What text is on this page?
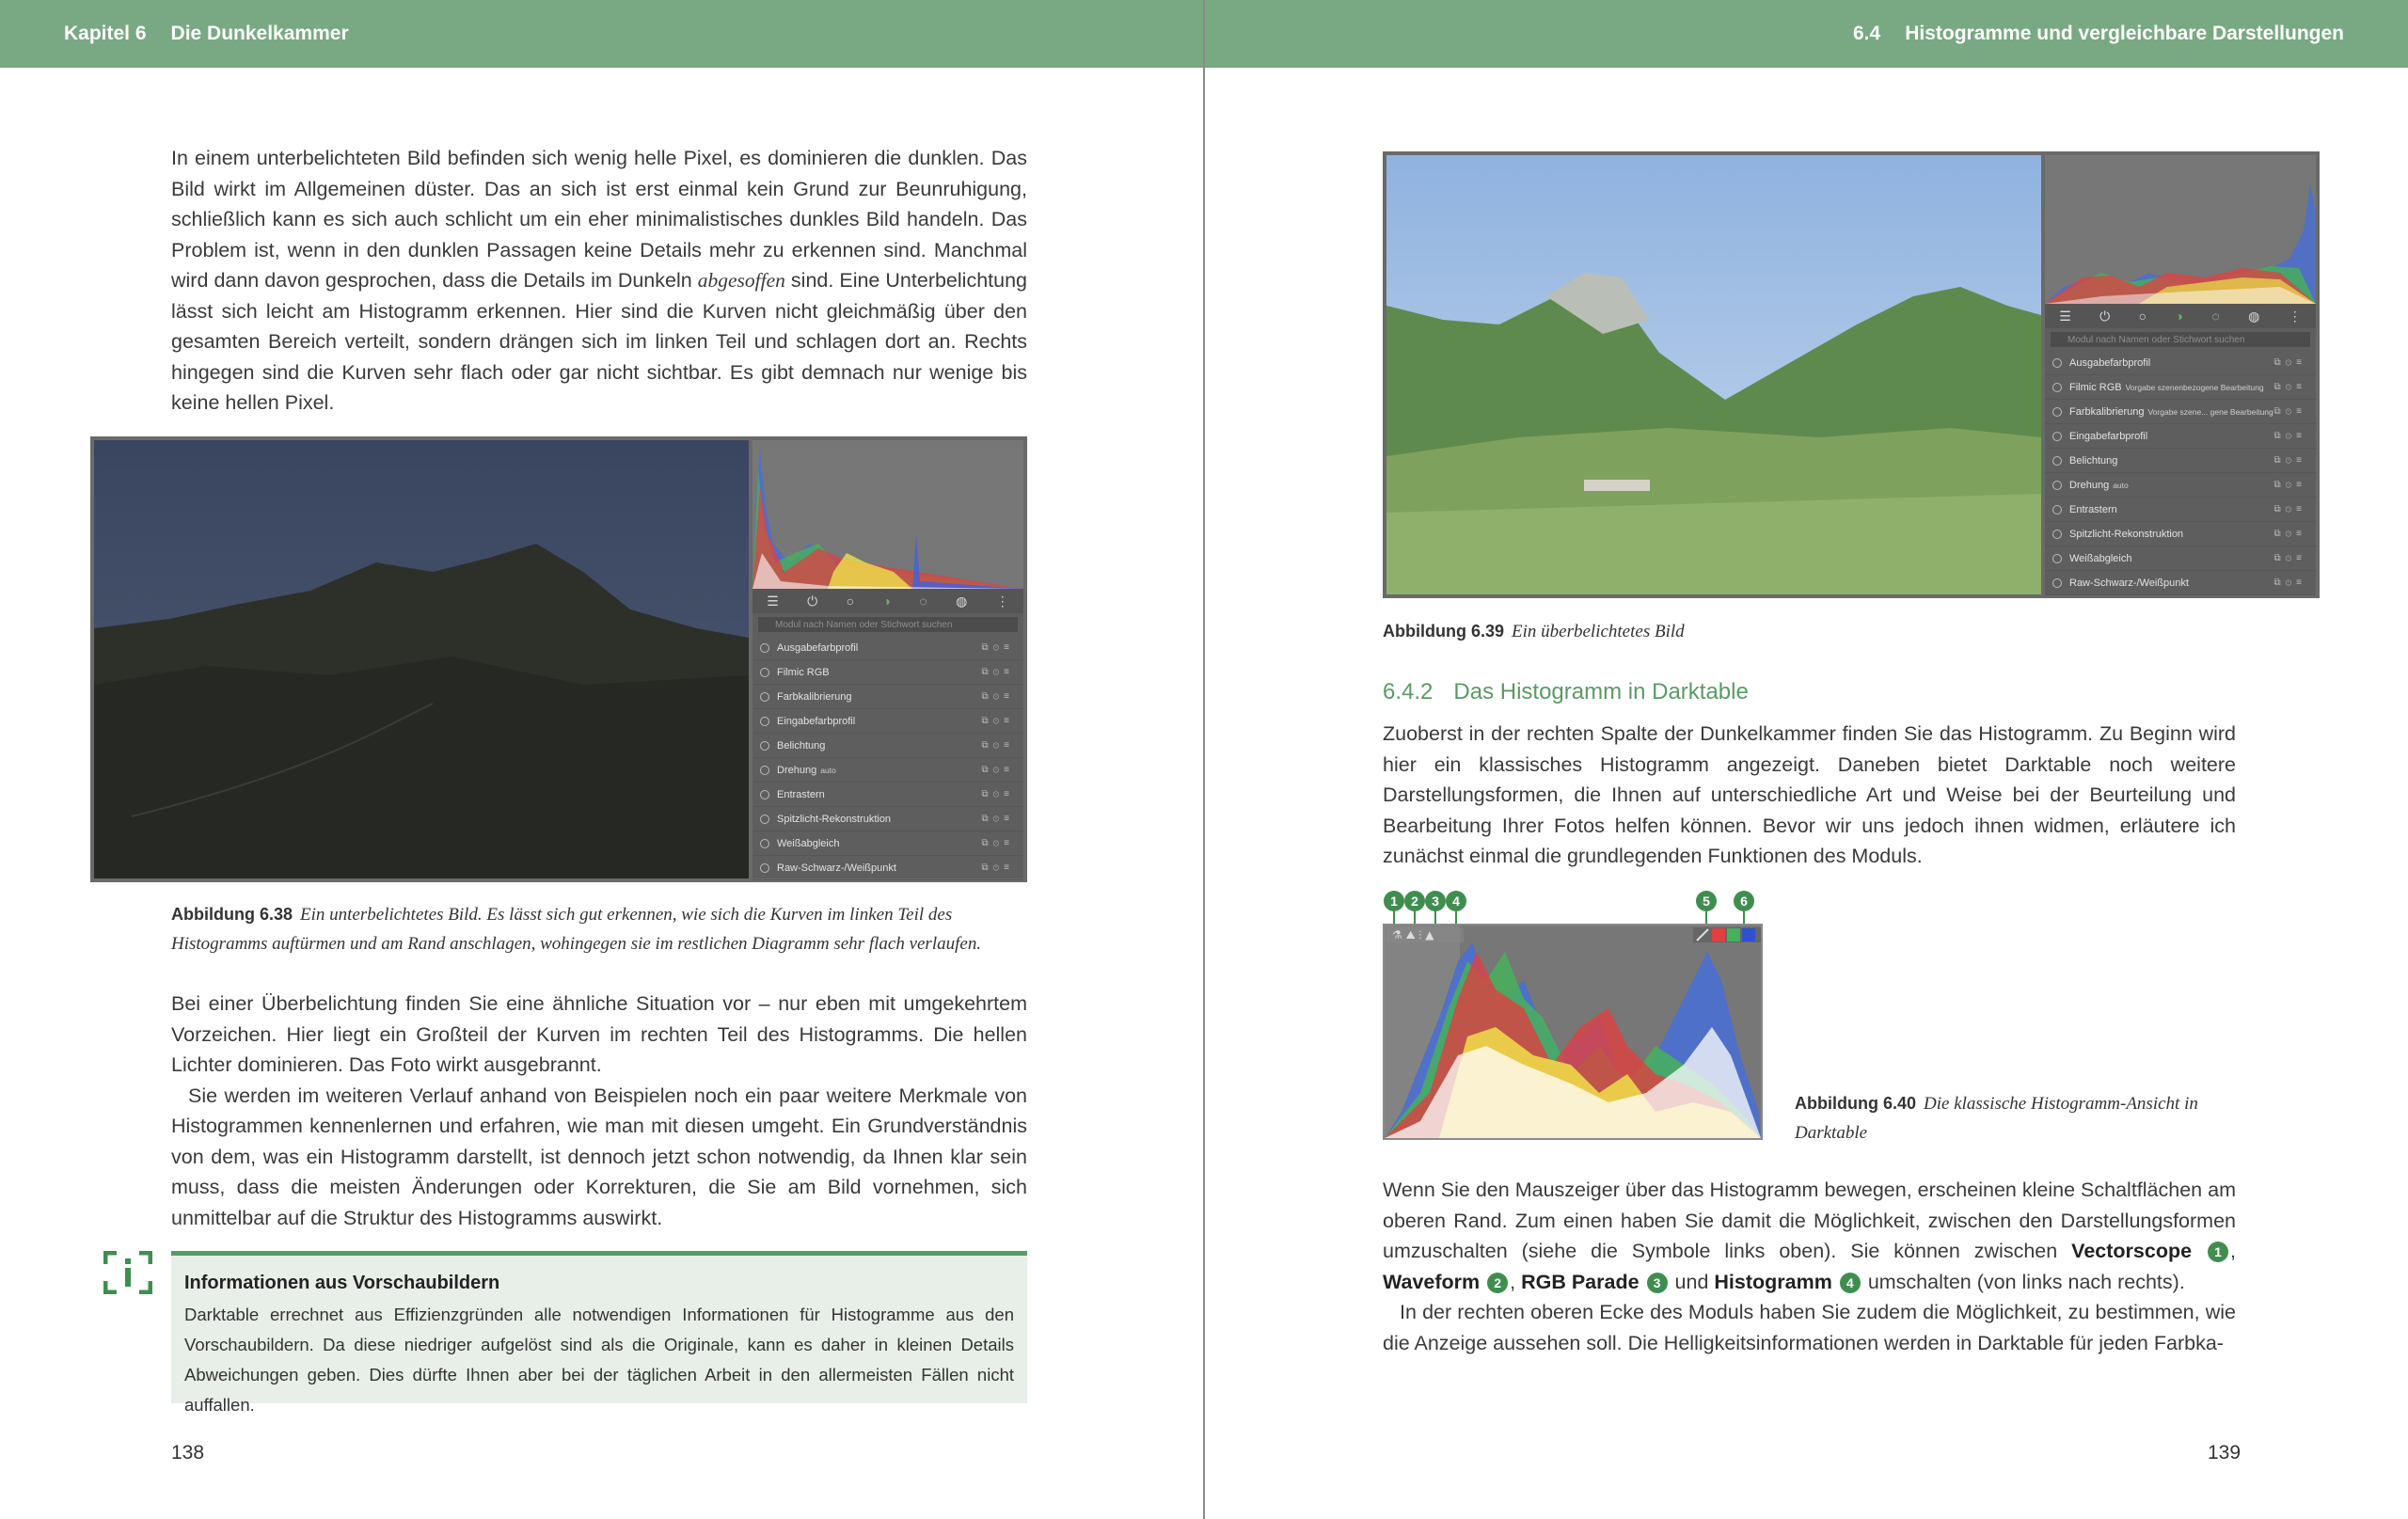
Kapitel 6 Die Dunkelkammer	6.4 Histogramme und vergleichbare Darstellungen

In einem unterbelichteten Bild befinden sich wenig helle Pixel, es dominieren die dunklen. Das Bild wirkt im Allgemeinen düster. Das an sich ist erst einmal kein Grund zur Beunruhigung, schließlich kann es sich auch schlicht um ein eher minimalistisches dunkles Bild handeln. Das Problem ist, wenn in den dunklen Passagen keine Details mehr zu erkennen sind. Manchmal wird dann davon gesprochen, dass die Details im Dunkeln abgesoffen sind. Eine Unterbelichtung lässt sich leicht am Histogramm erkennen. Hier sind die Kurven nicht gleichmäßig über den gesamten Bereich verteilt, sondern drängen sich im linken Teil und schlagen dort an. Rechts hingegen sind die Kurven sehr flach oder gar nicht sichtbar. Es gibt demnach nur wenige bis keine hellen Pixel.

☰ ⏻ ○ ◑ ◌ ◍ ⋮
Modul nach Namen oder Stichwort suchen
Ausgabefarbprofil	⧉⊙≡
Filmic RGB	⧉⊙≡
Farbkalibrierung	⧉⊙≡
Eingabefarbprofil	⧉⊙≡
Belichtung	⧉⊙≡
Drehung auto	⧉⊙≡
Entrastern	⧉⊙≡
Spitzlicht-Rekonstruktion	⧉⊙≡
Weißabgleich	⧉⊙≡
Raw-Schwarz-/Weißpunkt	⧉⊙≡
Abbildung 6.38 Ein unterbelichtetes Bild. Es lässt sich gut erkennen, wie sich die Kurven im linken Teil des Histogramms auftürmen und am Rand anschlagen, wohingegen sie im restlichen Diagramm sehr flach verlaufen.

Bei einer Überbelichtung finden Sie eine ähnliche Situation vor – nur eben mit umgekehrtem Vorzeichen. Hier liegt ein Großteil der Kurven im rechten Teil des Histogramms. Die hellen Lichter dominieren. Das Foto wirkt ausgebrannt.

Sie werden im weiteren Verlauf anhand von Beispielen noch ein paar weitere Merkmale von Histogrammen kennenlernen und erfahren, wie man mit diesen umgeht. Ein Grundverständnis von dem, was ein Histogramm darstellt, ist dennoch jetzt schon notwendig, da Ihnen klar sein muss, dass die meisten Änderungen oder Korrekturen, die Sie am Bild vornehmen, sich unmittelbar auf die Struktur des Histogramms auswirkt.

Informationen aus Vorschaubildern

Darktable errechnet aus Effizienzgründen alle notwendigen Informationen für Histogramme aus den Vorschaubildern. Da diese niedriger aufgelöst sind als die Originale, kann es daher in kleinen Details Abweichungen geben. Dies dürfte Ihnen aber bei der täglichen Arbeit in den allermeisten Fällen nicht auffallen.

138
☰ ⏻ ○ ◑ ◌ ◍ ⋮
Modul nach Namen oder Stichwort suchen
Ausgabefarbprofil	⧉⊙≡
Filmic RGB Vorgabe szenenbezogene Bearbeitung ⧉⊙≡
Farbkalibrierung Vorgabe szene... gene Bearbeitung ⧉⊙≡
Eingabefarbprofil	⧉⊙≡
Belichtung	⧉⊙≡
Drehung auto	⧉⊙≡
Entrastern	⧉⊙≡
Spitzlicht-Rekonstruktion	⧉⊙≡
Weißabgleich	⧉⊙≡
Raw-Schwarz-/Weißpunkt	⧉⊙≡
Abbildung 6.39 Ein überbelichtetes Bild
6.4.2 Das Histogramm in Darktable

Zuoberst in der rechten Spalte der Dunkelkammer finden Sie das Histogramm. Zu Beginn wird hier ein klassisches Histogramm angezeigt. Daneben bietet Darktable noch weitere Darstellungsformen, die Ihnen auf unterschiedliche Art und Weise bei der Beurteilung und Bearbeitung Ihrer Fotos helfen können. Bevor wir uns jedoch ihnen widmen, erläutere ich zunächst einmal die grundlegenden Funktionen des Moduls.

1	2	3	4	5	6
⚗ ⛰ ⫶ ▲
Abbildung 6.40 Die klassische Histogramm-Ansicht in Darktable

Wenn Sie den Mauszeiger über das Histogramm bewegen, erscheinen kleine Schaltflächen am oberen Rand. Zum einen haben Sie damit die Möglichkeit, zwischen den Darstellungsformen umzuschalten (siehe die Symbole links oben). Sie können zwischen Vectorscope 1 , Waveform 2 , RGB Parade 3 und Histogramm 4 umschalten (von links nach rechts).

In der rechten oberen Ecke des Moduls haben Sie zudem die Möglichkeit, zu bestimmen, wie die Anzeige aussehen soll. Die Helligkeitsinformationen werden in Darktable für jeden Farbka-

139
